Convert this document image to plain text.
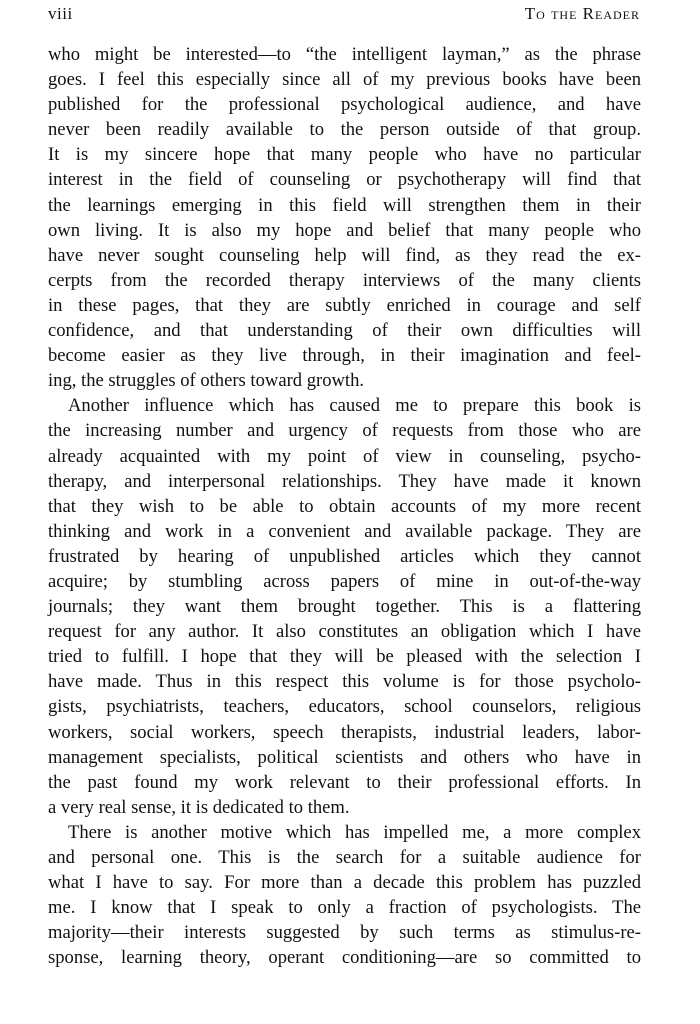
viii	To the Reader
who might be interested—to “the intelligent layman,” as the phrase
goes. I feel this especially since all of my previous books have been
published for the professional psychological audience, and have
never been readily available to the person outside of that group.
It is my sincere hope that many people who have no particular
interest in the field of counseling or psychotherapy will find that
the learnings emerging in this field will strengthen them in their
own living. It is also my hope and belief that many people who
have never sought counseling help will find, as they read the ex-
cerpts from the recorded therapy interviews of the many clients
in these pages, that they are subtly enriched in courage and self
confidence, and that understanding of their own difficulties will
become easier as they live through, in their imagination and feel-
ing, the struggles of others toward growth.
Another influence which has caused me to prepare this book is
the increasing number and urgency of requests from those who are
already acquainted with my point of view in counseling, psycho-
therapy, and interpersonal relationships. They have made it known
that they wish to be able to obtain accounts of my more recent
thinking and work in a convenient and available package. They are
frustrated by hearing of unpublished articles which they cannot
acquire; by stumbling across papers of mine in out-of-the-way
journals; they want them brought together. This is a flattering
request for any author. It also constitutes an obligation which I have
tried to fulfill. I hope that they will be pleased with the selection I
have made. Thus in this respect this volume is for those psycholo-
gists, psychiatrists, teachers, educators, school counselors, religious
workers, social workers, speech therapists, industrial leaders, labor-
management specialists, political scientists and others who have in
the past found my work relevant to their professional efforts. In
a very real sense, it is dedicated to them.
There is another motive which has impelled me, a more complex
and personal one. This is the search for a suitable audience for
what I have to say. For more than a decade this problem has puzzled
me. I know that I speak to only a fraction of psychologists. The
majority—their interests suggested by such terms as stimulus-re-
sponse, learning theory, operant conditioning—are so committed to
